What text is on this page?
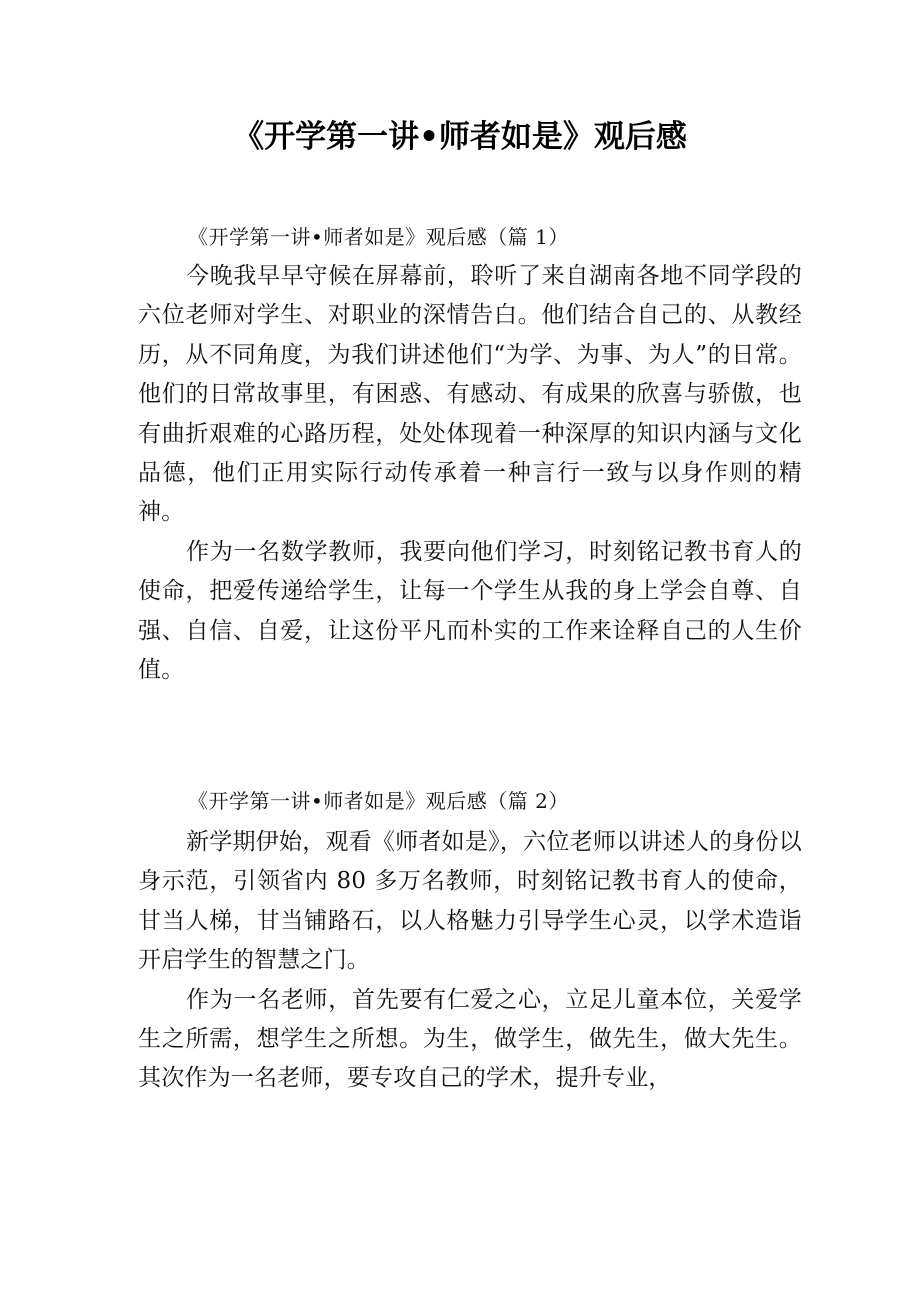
《开学第一讲•师者如是》观后感
《开学第一讲•师者如是》观后感（篇 1）

今晚我早早守候在屏幕前，聆听了来自湖南各地不同学段的六位老师对学生、对职业的深情告白。他们结合自己的、从教经历，从不同角度，为我们讲述他们“为学、为事、为人”的日常。他们的日常故事里，有困惑、有感动、有成果的欣喜与骄傲，也有曲折艰难的心路历程，处处体现着一种深厚的知识内涵与文化品德，他们正用实际行动传承着一种言行一致与以身作则的精神。

作为一名数学教师，我要向他们学习，时刻铭记教书育人的使命，把爱传递给学生，让每一个学生从我的身上学会自尊、自强、自信、自爱，让这份平凡而朴实的工作来诠释自己的人生价值。

《开学第一讲•师者如是》观后感（篇 2）

新学期伊始，观看《师者如是》，六位老师以讲述人的身份以身示范，引领省内 80 多万名教师，时刻铭记教书育人的使命，甘当人梯，甘当铺路石，以人格魅力引导学生心灵，以学术造诣开启学生的智慧之门。

作为一名老师，首先要有仁爱之心，立足儿童本位，关爱学生之所需，想学生之所想。为生，做学生，做先生，做大先生。其次作为一名老师，要专攻自己的学术，提升专业，
